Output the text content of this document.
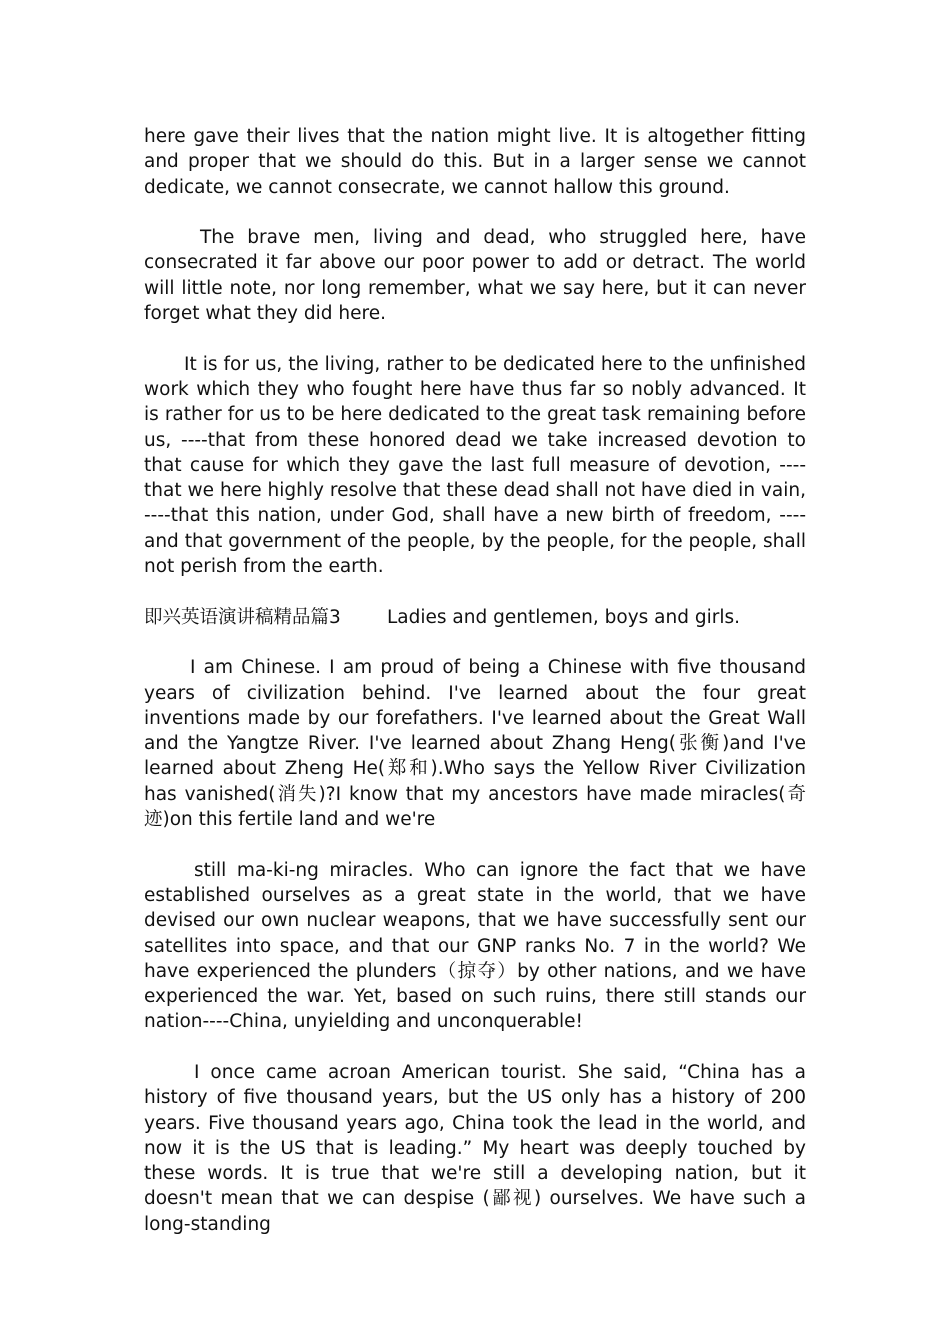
here gave their lives that the nation might live. It is altogether fitting and proper that we should do this. But in a larger sense we cannot dedicate, we cannot consecrate, we cannot hallow this ground.

The brave men, living and dead, who struggled here, have consecrated it far above our poor power to add or detract. The world will little note, nor long remember, what we say here, but it can never forget what they did here.

It is for us, the living, rather to be dedicated here to the unfinished work which they who fought here have thus far so nobly advanced. It is rather for us to be here dedicated to the great task remaining before us, ----that from these honored dead we take increased devotion to that cause for which they gave the last full measure of devotion, ----that we here highly resolve that these dead shall not have died in vain, ----that this nation, under God, shall have a new birth of freedom, ----and that government of the people, by the people, for the people, shall not perish from the earth.

即兴英语演讲稿精品篇3 Ladies and gentlemen, boys and girls.

I am Chinese. I am proud of being a Chinese with five thousand years of civilization behind. I've learned about the four great inventions made by our forefathers. I've learned about the Great Wall and the Yangtze River. I've learned about Zhang Heng(张衡)and I've learned about Zheng He(郑和).Who says the Yellow River Civilization has vanished(消失)?I know that my ancestors have made miracles(奇迹)on this fertile land and we're

still ma-ki-ng miracles. Who can ignore the fact that we have established ourselves as a great state in the world, that we have devised our own nuclear weapons, that we have successfully sent our satellites into space, and that our GNP ranks No. 7 in the world? We have experienced the plunders（掠夺）by other nations, and we have experienced the war. Yet, based on such ruins, there still stands our nation----China, unyielding and unconquerable!

I once came acroan American tourist. She said, “China has a history of five thousand years, but the US only has a history of 200 years. Five thousand years ago, China took the lead in the world, and now it is the US that is leading.” My heart was deeply touched by these words. It is true that we're still a developing nation, but it doesn't mean that we can despise (鄙视) ourselves. We have such a long-standing
